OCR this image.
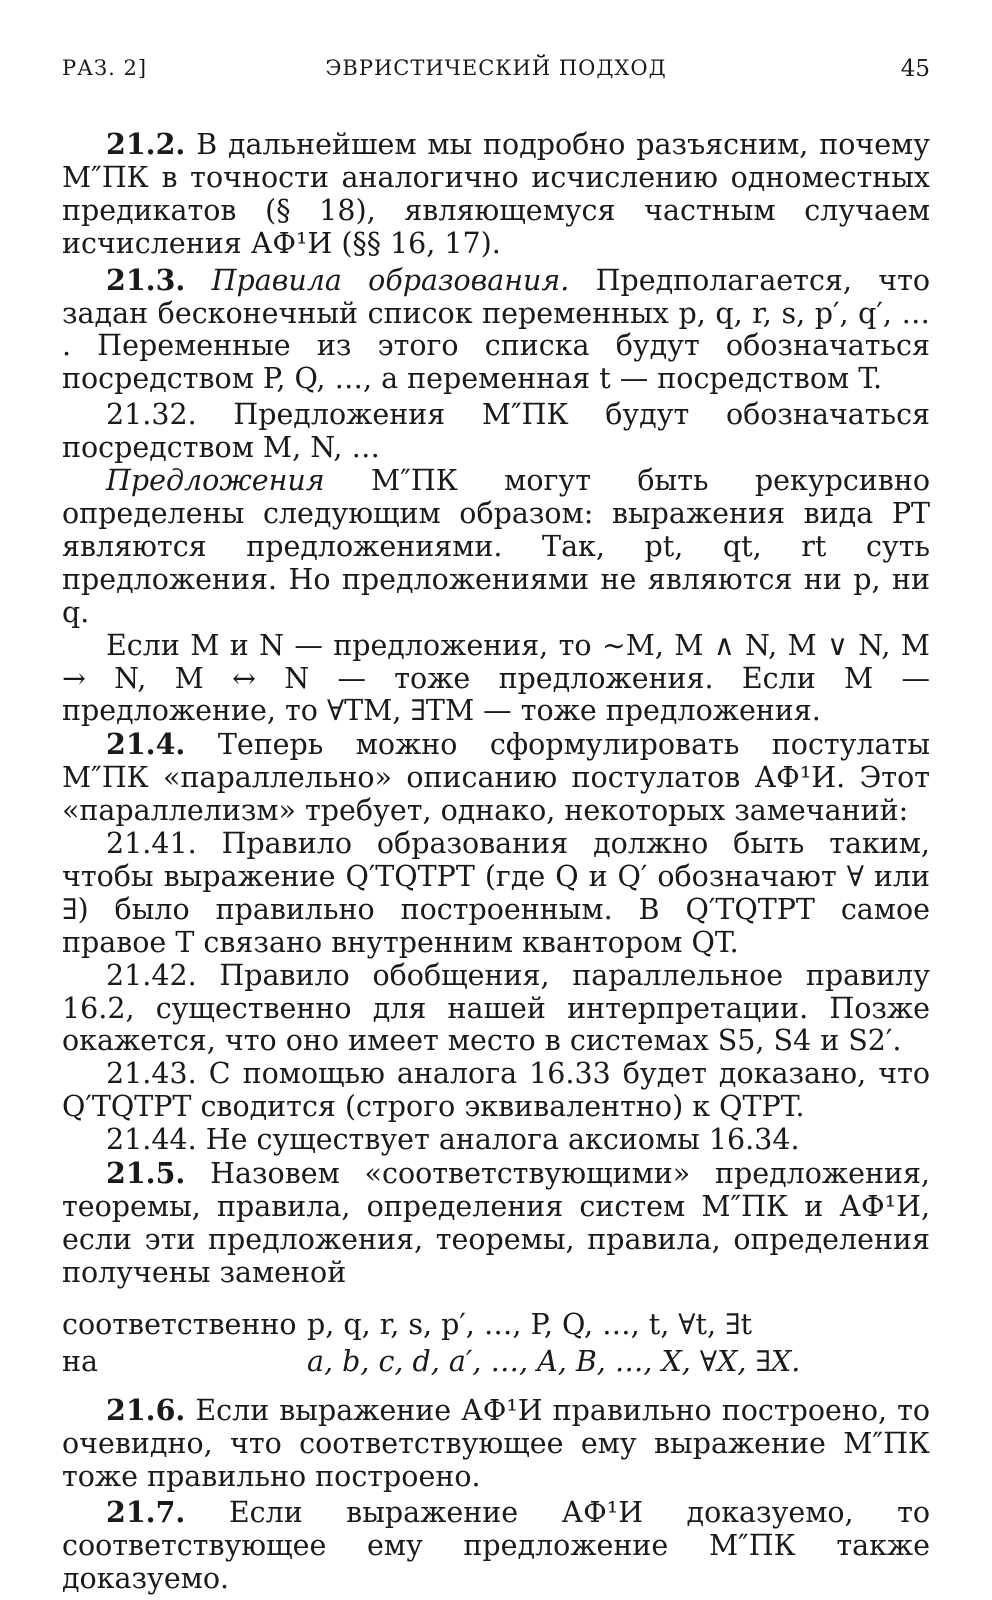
РАЗ. 2]	ЭВРИСТИЧЕСКИЙ ПОДХОД	45

21.2. В дальнейшем мы подробно разъясним, почему М″ПК в точности аналогично исчислению одноместных предикатов (§ 18), являющемуся частным случаем исчисления АФ¹И (§§ 16, 17).

21.3. Правила образования. Предполагается, что задан бесконечный список переменных p, q, r, s, p′, q′, … . Переменные из этого списка будут обозначаться посредством P, Q, …, а переменная t — посредством T.

21.32. Предложения M″ПК будут обозначаться посредством M, N, …

Предложения М″ПК могут быть рекурсивно определены следующим образом: выражения вида PT являются предложениями. Так, pt, qt, rt суть предложения. Но предложениями не являются ни p, ни q.

Если M и N — предложения, то ∼M, M ∧ N, M ∨ N, M → N, M ↔ N — тоже предложения. Если M — предложение, то ∀TM, ∃TM — тоже предложения.

21.4. Теперь можно сформулировать постулаты М″ПК «параллельно» описанию постулатов АФ¹И. Этот «параллелизм» требует, однако, некоторых замечаний:

21.41. Правило образования должно быть таким, чтобы выражение Q′TQTPT (где Q и Q′ обозначают ∀ или ∃) было правильно построенным. В Q′TQTPT самое правое T связано внутренним квантором QT.

21.42. Правило обобщения, параллельное правилу 16.2, существенно для нашей интерпретации. Позже окажется, что оно имеет место в системах S5, S4 и S2′.

21.43. С помощью аналога 16.33 будет доказано, что Q′TQTPT сводится (строго эквивалентно) к QTPT.

21.44. Не существует аналога аксиомы 16.34.

21.5. Назовем «соответствующими» предложения, теоремы, правила, определения систем М″ПК и АФ¹И, если эти предложения, теоремы, правила, определения получены заменой

соответственно p, q, r, s, p′, …, P, Q, …, t, ∀t, ∃t
на	a, b, c, d, a′, …, A, B, …, X, ∀X, ∃X.

21.6. Если выражение АФ¹И правильно построено, то очевидно, что соответствующее ему выражение М″ПК тоже правильно построено.

21.7. Если выражение АФ¹И доказуемо, то соответствующее ему предложение М″ПК также доказуемо.
